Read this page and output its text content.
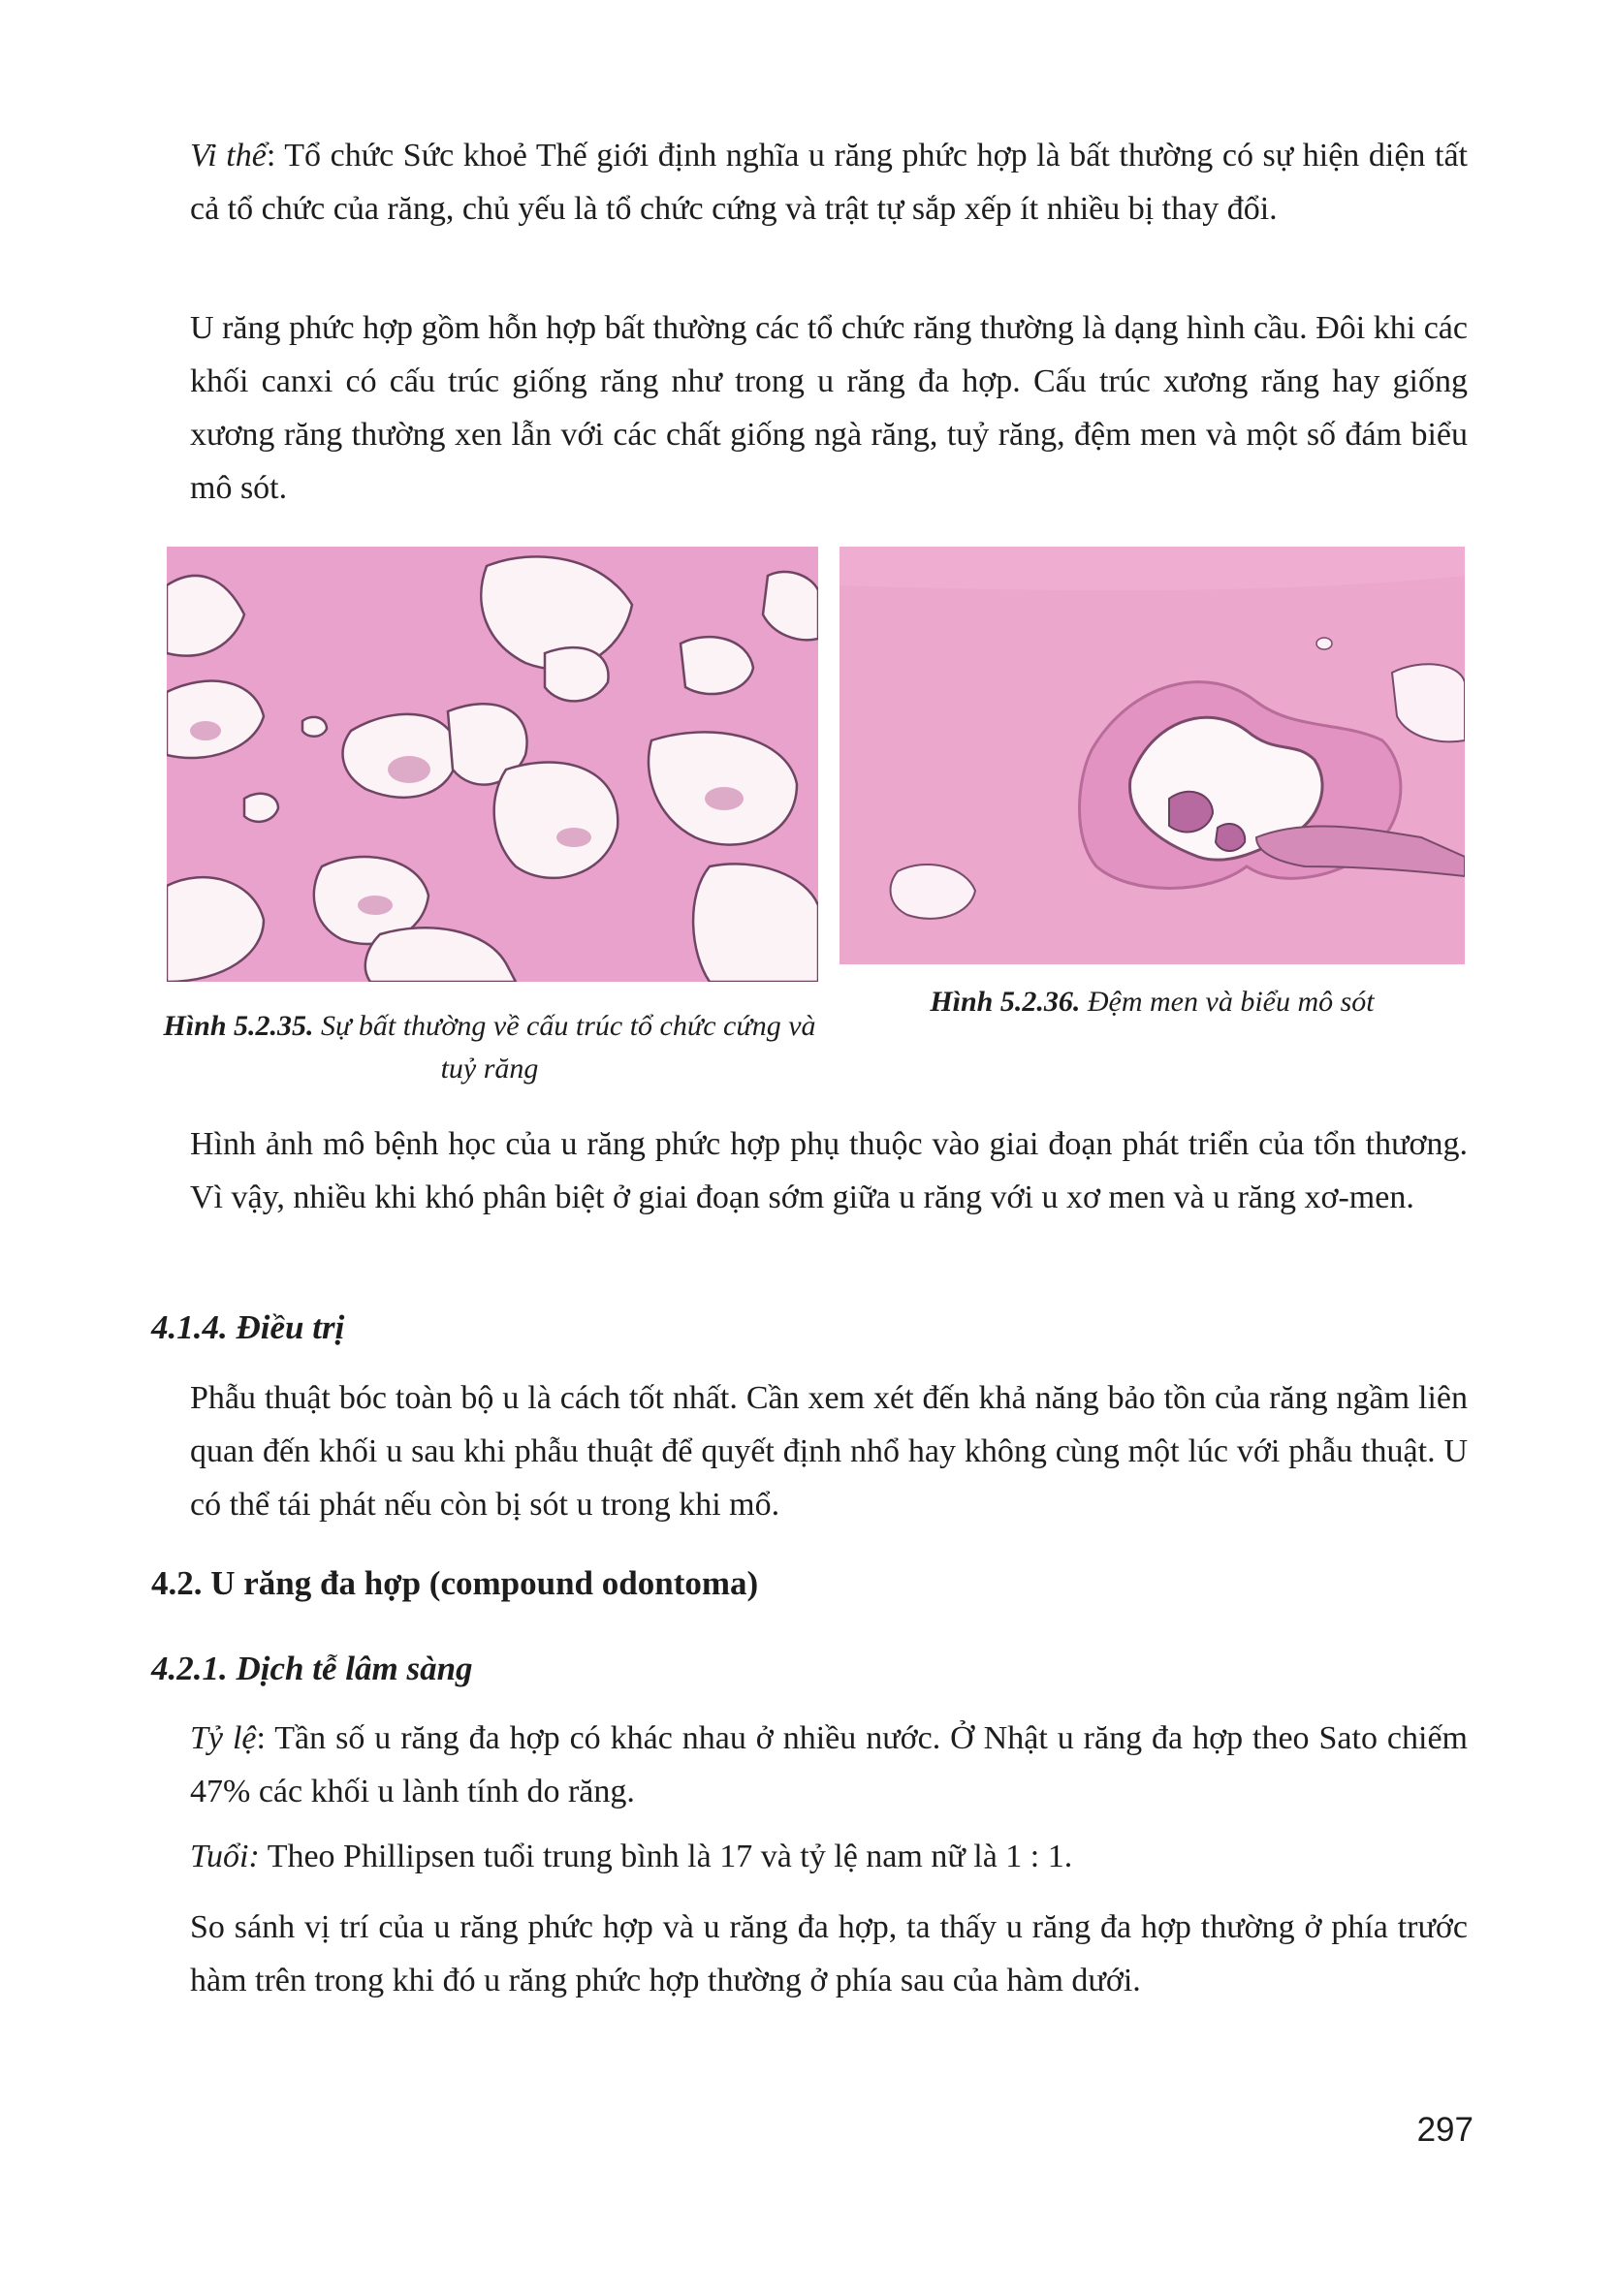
Vi thể: Tổ chức Sức khoẻ Thế giới định nghĩa u răng phức hợp là bất thường có sự hiện diện tất cả tổ chức của răng, chủ yếu là tổ chức cứng và trật tự sắp xếp ít nhiều bị thay đổi.

U răng phức hợp gồm hỗn hợp bất thường các tổ chức răng thường là dạng hình cầu. Đôi khi các khối canxi có cấu trúc giống răng như trong u răng đa hợp. Cấu trúc xương răng hay giống xương răng thường xen lẫn với các chất giống ngà răng, tuỷ răng, đệm men và một số đám biểu mô sót.

Hình 5.2.35. Sự bất thường về cấu trúc tổ chức cứng và tuỷ răng
Hình 5.2.36. Đệm men và biểu mô sót

Hình ảnh mô bệnh học của u răng phức hợp phụ thuộc vào giai đoạn phát triển của tổn thương. Vì vậy, nhiều khi khó phân biệt ở giai đoạn sớm giữa u răng với u xơ men và u răng xơ-men.

4.1.4. Điều trị

Phẫu thuật bóc toàn bộ u là cách tốt nhất. Cần xem xét đến khả năng bảo tồn của răng ngầm liên quan đến khối u sau khi phẫu thuật để quyết định nhổ hay không cùng một lúc với phẫu thuật. U có thể tái phát nếu còn bị sót u trong khi mổ.

4.2. U răng đa hợp (compound odontoma)
4.2.1. Dịch tễ lâm sàng

Tỷ lệ: Tần số u răng đa hợp có khác nhau ở nhiều nước. Ở Nhật u răng đa hợp theo Sato chiếm 47% các khối u lành tính do răng.

Tuổi: Theo Phillipsen tuổi trung bình là 17 và tỷ lệ nam nữ là 1 : 1.

So sánh vị trí của u răng phức hợp và u răng đa hợp, ta thấy u răng đa hợp thường ở phía trước hàm trên trong khi đó u răng phức hợp thường ở phía sau của hàm dưới.

297
